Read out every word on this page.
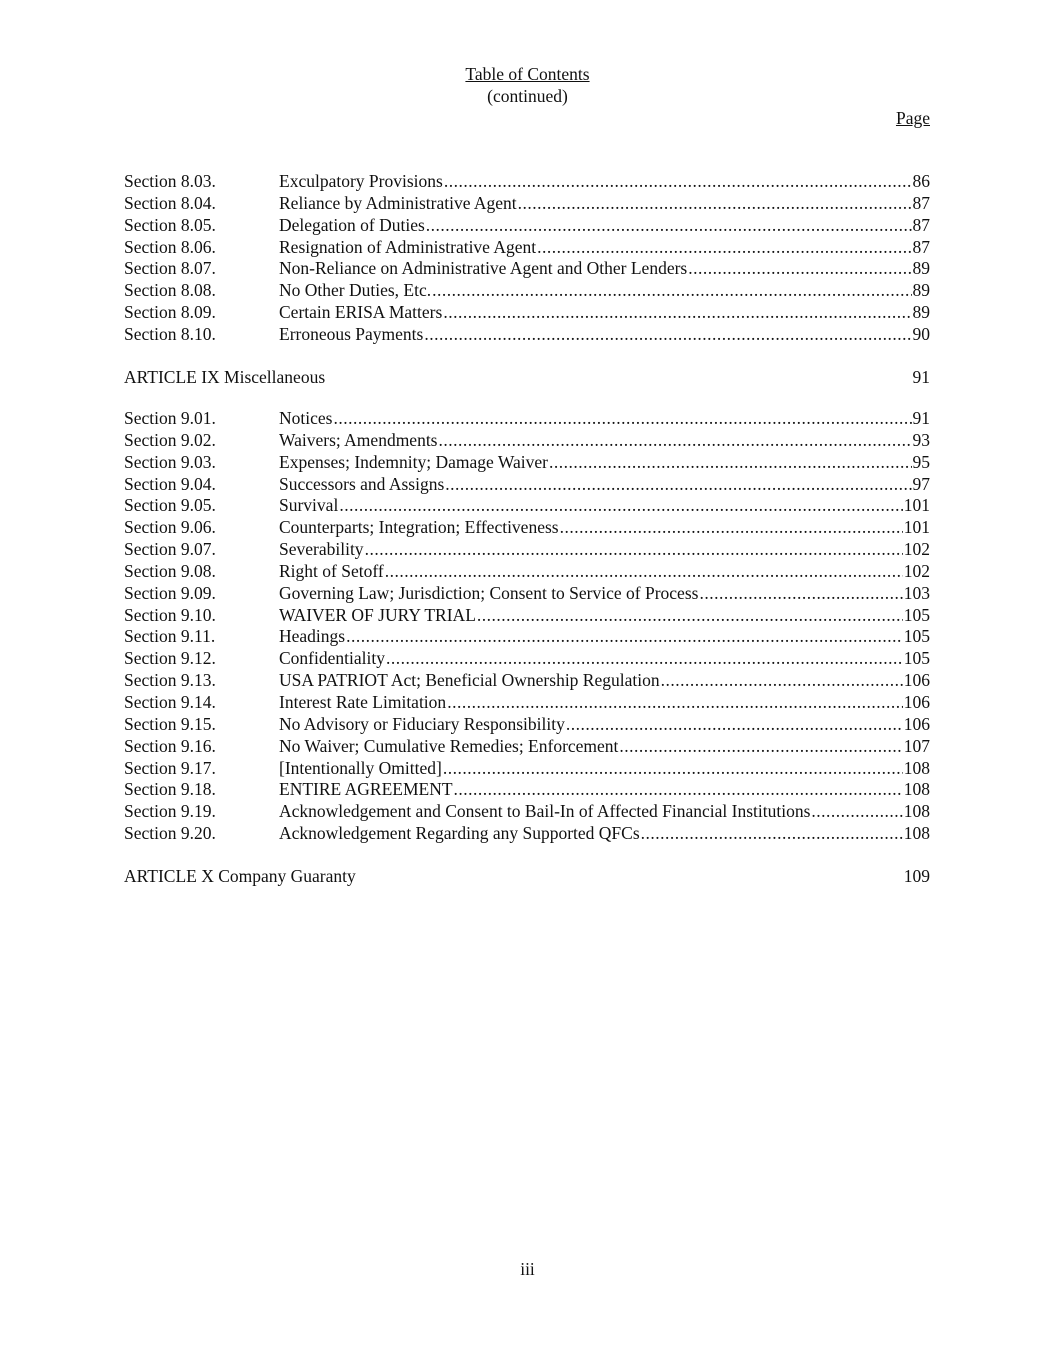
Table of Contents
(continued)
Page
Section 8.03.	Exculpatory Provisions .....	86
Section 8.04.	Reliance by Administrative Agent .....	87
Section 8.05.	Delegation of Duties .....	87
Section 8.06.	Resignation of Administrative Agent .....	87
Section 8.07.	Non-Reliance on Administrative Agent and Other Lenders .....	89
Section 8.08.	No Other Duties, Etc. .....	89
Section 8.09.	Certain ERISA Matters .....	89
Section 8.10.	Erroneous Payments .....	90
ARTICLE IX Miscellaneous	91
Section 9.01.	Notices .....	91
Section 9.02.	Waivers; Amendments .....	93
Section 9.03.	Expenses; Indemnity; Damage Waiver .....	95
Section 9.04.	Successors and Assigns .....	97
Section 9.05.	Survival .....	101
Section 9.06.	Counterparts; Integration; Effectiveness .....	101
Section 9.07.	Severability .....	102
Section 9.08.	Right of Setoff .....	102
Section 9.09.	Governing Law; Jurisdiction; Consent to Service of Process .....	103
Section 9.10.	WAIVER OF JURY TRIAL .....	105
Section 9.11.	Headings .....	105
Section 9.12.	Confidentiality .....	105
Section 9.13.	USA PATRIOT Act; Beneficial Ownership Regulation .....	106
Section 9.14.	Interest Rate Limitation .....	106
Section 9.15.	No Advisory or Fiduciary Responsibility .....	106
Section 9.16.	No Waiver; Cumulative Remedies; Enforcement .....	107
Section 9.17.	[Intentionally Omitted] .....	108
Section 9.18.	ENTIRE AGREEMENT .....	108
Section 9.19.	Acknowledgement and Consent to Bail-In of Affected Financial Institutions .....	108
Section 9.20.	Acknowledgement Regarding any Supported QFCs .....	108
ARTICLE X Company Guaranty	109
iii
